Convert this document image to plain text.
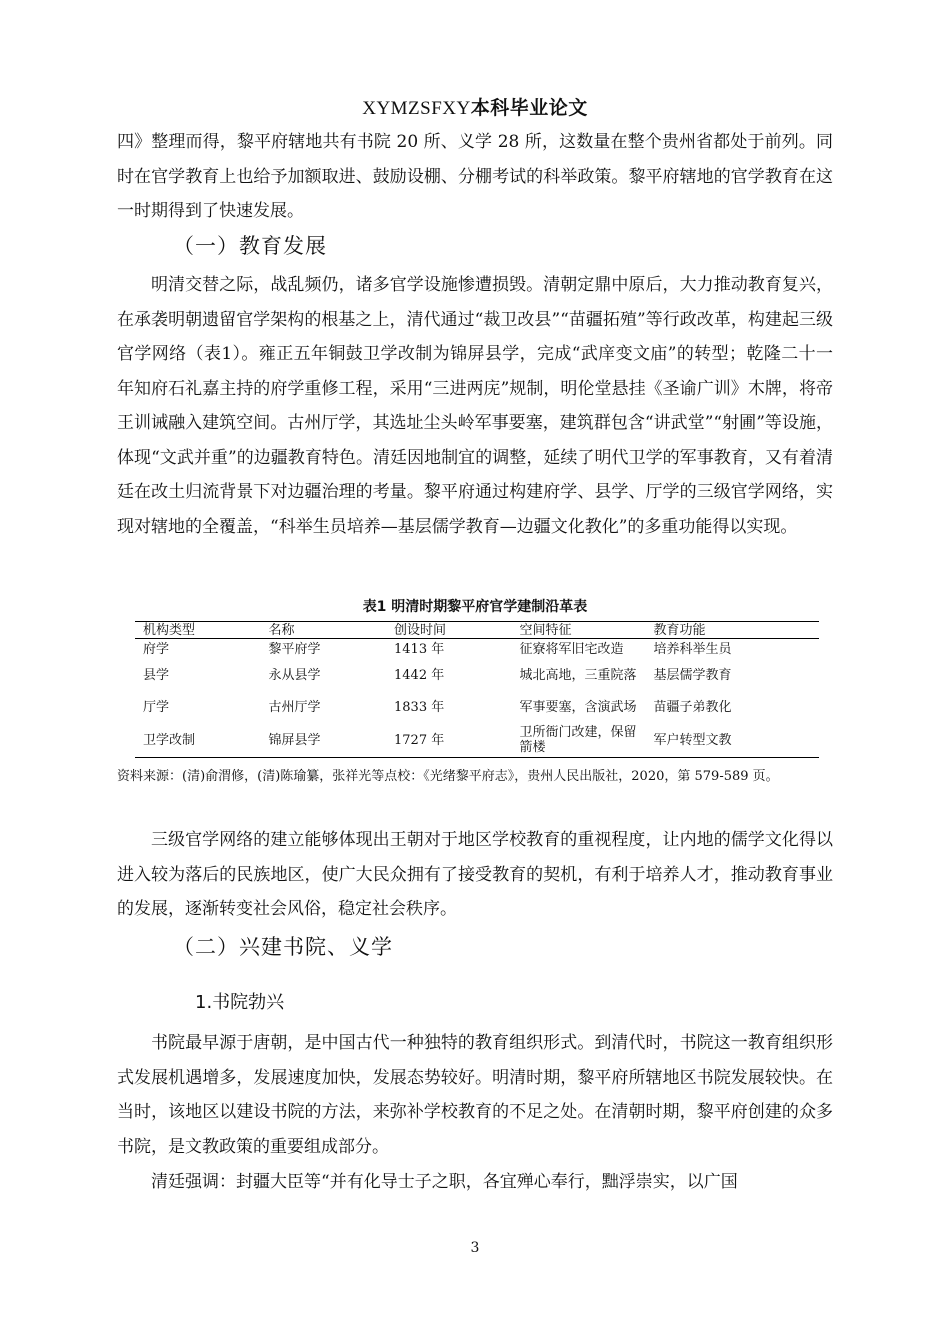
XYMZSFXY本科毕业论文

四》整理而得，黎平府辖地共有书院 20 所、义学 28 所，这数量在整个贵州省都处于前列。同时在官学教育上也给予加额取进、鼓励设棚、分棚考试的科举政策。黎平府辖地的官学教育在这一时期得到了快速发展。

（一）教育发展

明清交替之际，战乱频仍，诸多官学设施惨遭损毁。清朝定鼎中原后，大力推动教育复兴，在承袭明朝遗留官学架构的根基之上，清代通过“裁卫改县”“苗疆拓殖”等行政改革，构建起三级官学网络（表1）。雍正五年铜鼓卫学改制为锦屏县学，完成“武庠变文庙”的转型；乾隆二十一年知府石礼嘉主持的府学重修工程，采用“三进两庑”规制，明伦堂悬挂《圣谕广训》木牌，将帝王训诫融入建筑空间。古州厅学，其选址尘头岭军事要塞，建筑群包含“讲武堂”“射圃”等设施，体现“文武并重”的边疆教育特色。清廷因地制宜的调整，延续了明代卫学的军事教育，又有着清廷在改土归流背景下对边疆治理的考量。黎平府通过构建府学、县学、厅学的三级官学网络，实现对辖地的全覆盖，“科举生员培养—基层儒学教育—边疆文化教化”的多重功能得以实现。

表1 明清时期黎平府官学建制沿革表
机构类型	名称	创设时间	空间特征	教育功能
府学	黎平府学	1413 年	征寮将军旧宅改造	培养科举生员
县学	永从县学	1442 年	城北高地，三重院落	基层儒学教育
厅学	古州厅学	1833 年	军事要塞，含演武场	苗疆子弟教化
卫学改制	锦屏县学	1727 年	卫所衙门改建，保留箭楼	军户转型文教

资料来源：(清)俞渭修，(清)陈瑜纂，张祥光等点校：《光绪黎平府志》，贵州人民出版社，2020，第 579-589 页。

三级官学网络的建立能够体现出王朝对于地区学校教育的重视程度，让内地的儒学文化得以进入较为落后的民族地区，使广大民众拥有了接受教育的契机，有利于培养人才，推动教育事业的发展，逐渐转变社会风俗，稳定社会秩序。

（二）兴建书院、义学
1.书院勃兴

书院最早源于唐朝，是中国古代一种独特的教育组织形式。到清代时，书院这一教育组织形式发展机遇增多，发展速度加快，发展态势较好。明清时期，黎平府所辖地区书院发展较快。在当时，该地区以建设书院的方法，来弥补学校教育的不足之处。在清朝时期，黎平府创建的众多书院，是文教政策的重要组成部分。

清廷强调：封疆大臣等“并有化导士子之职，各宜殚心奉行，黜浮崇实，以广国

3
